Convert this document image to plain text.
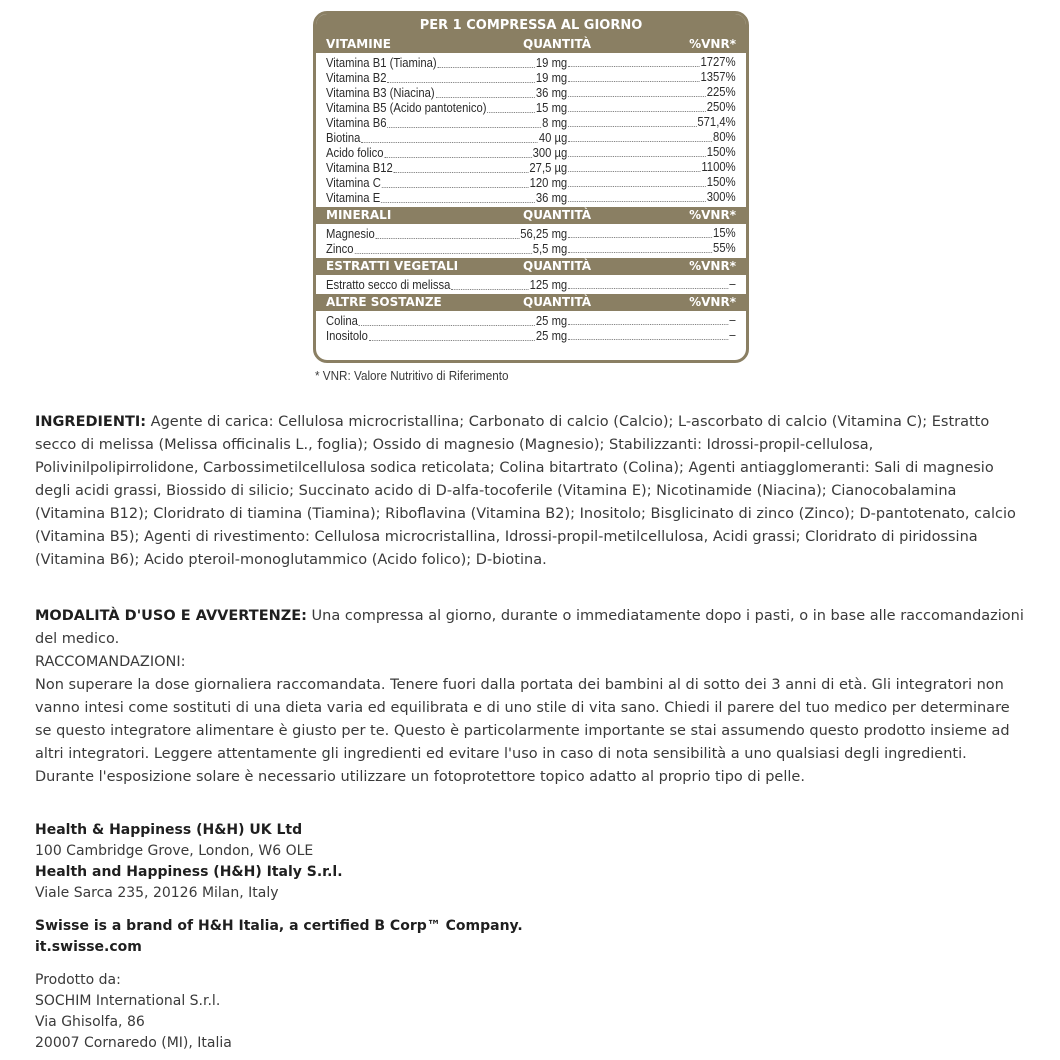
PER 1 COMPRESSA AL GIORNO
VITAMINE	QUANTITÀ	%VNR*
Vitamina B1 (Tiamina)	19 mg	1727%
Vitamina B2	19 mg	1357%
Vitamina B3 (Niacina)	36 mg	225%
Vitamina B5 (Acido pantotenico)	15 mg	250%
Vitamina B6	8 mg	571,4%
Biotina	40 µg	80%
Acido folico	300 µg	150%
Vitamina B12	27,5 µg	1100%
Vitamina C	120 mg	150%
Vitamina E	36 mg	300%
MINERALI	QUANTITÀ	%VNR*
Magnesio	56,25 mg	15%
Zinco	5,5 mg	55%
ESTRATTI VEGETALI	QUANTITÀ	%VNR*
Estratto secco di melissa	125 mg	–
ALTRE SOSTANZE	QUANTITÀ	%VNR*
Colina	25 mg	–
Inositolo	25 mg	–
* VNR: Valore Nutritivo di Riferimento
INGREDIENTI: Agente di carica: Cellulosa microcristallina; Carbonato di calcio (Calcio); L-ascorbato di calcio (Vitamina C); Estratto secco di melissa (Melissa officinalis L., foglia); Ossido di magnesio (Magnesio); Stabilizzanti: Idrossi-propil-cellulosa, Polivinilpolipirrolidone, Carbossimetilcellulosa sodica reticolata; Colina bitartrato (Colina); Agenti antiagglomeranti: Sali di magnesio degli acidi grassi, Biossido di silicio; Succinato acido di D-alfa-tocoferile (Vitamina E); Nicotinamide (Niacina); Cianocobalamina (Vitamina B12); Cloridrato di tiamina (Tiamina); Riboflavina (Vitamina B2); Inositolo; Bisglicinato di zinco (Zinco); D-pantotenato, calcio (Vitamina B5); Agenti di rivestimento: Cellulosa microcristallina, Idrossi-propil-metilcellulosa, Acidi grassi; Cloridrato di piridossina (Vitamina B6); Acido pteroil-monoglutammico (Acido folico); D-biotina.
MODALITÀ D'USO E AVVERTENZE: Una compressa al giorno, durante o immediatamente dopo i pasti, o in base alle raccomandazioni del medico.
RACCOMANDAZIONI:
Non superare la dose giornaliera raccomandata. Tenere fuori dalla portata dei bambini al di sotto dei 3 anni di età. Gli integratori non vanno intesi come sostituti di una dieta varia ed equilibrata e di uno stile di vita sano. Chiedi il parere del tuo medico per determinare se questo integratore alimentare è giusto per te. Questo è particolarmente importante se stai assumendo questo prodotto insieme ad altri integratori. Leggere attentamente gli ingredienti ed evitare l'uso in caso di nota sensibilità a uno qualsiasi degli ingredienti. Durante l'esposizione solare è necessario utilizzare un fotoprotettore topico adatto al proprio tipo di pelle.
Health & Happiness (H&H) UK Ltd
100 Cambridge Grove, London, W6 OLE
Health and Happiness (H&H) Italy S.r.l.
Viale Sarca 235, 20126 Milan, Italy
Swisse is a brand of H&H Italia, a certified B Corp™ Company.
it.swisse.com
Prodotto da:
SOCHIM International S.r.l.
Via Ghisolfa, 86
20007 Cornaredo (MI), Italia
